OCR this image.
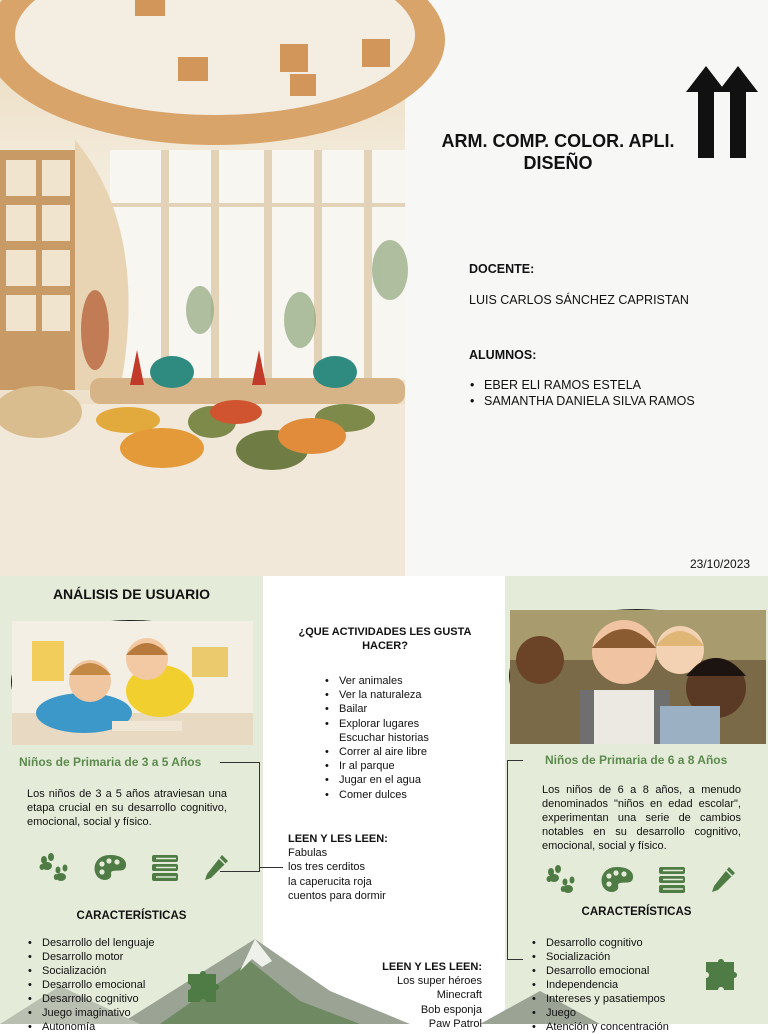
ARM. COMP. COLOR. APLI.
DISEÑO
DOCENTE:
LUIS CARLOS SÁNCHEZ CAPRISTAN
ALUMNOS:
• EBER ELI RAMOS ESTELA
• SAMANTHA DANIELA SILVA RAMOS
23/10/2023
ANÁLISIS DE USUARIO
Niños de Primaria de 3 a 5 Años
Los niños de 3 a 5 años atraviesan una etapa crucial en su desarrollo cognitivo, emocional, social y físico.
CARACTERÍSTICAS
• Desarrollo del lenguaje
• Desarrollo motor
• Socialización
• Desarrollo emocional
• Desarrollo cognitivo
• Juego imaginativo
• Autonomía
¿QUE ACTIVIDADES LES GUSTA HACER?
• Ver animales
• Ver la naturaleza
• Bailar
• Explorar lugares
Escuchar historias
• Correr al aire libre
• Ir al parque
• Jugar en el agua
• Comer dulces
LEEN Y LES LEEN:
Fabulas
los tres cerditos
la caperucita roja
cuentos para dormir
LEEN Y LES LEEN:
Los super héroes
Minecraft
Bob esponja
Paw Patrol
Niños de Primaria de 6 a 8 Años
Los niños de 6 a 8 años, a menudo denominados "niños en edad escolar", experimentan una serie de cambios notables en su desarrollo cognitivo, emocional, social y físico.
CARACTERÍSTICAS
• Desarrollo cognitivo
• Socialización
• Desarrollo emocional
• Independencia
• Intereses y pasatiempos
• Juego
• Atención y concentración
